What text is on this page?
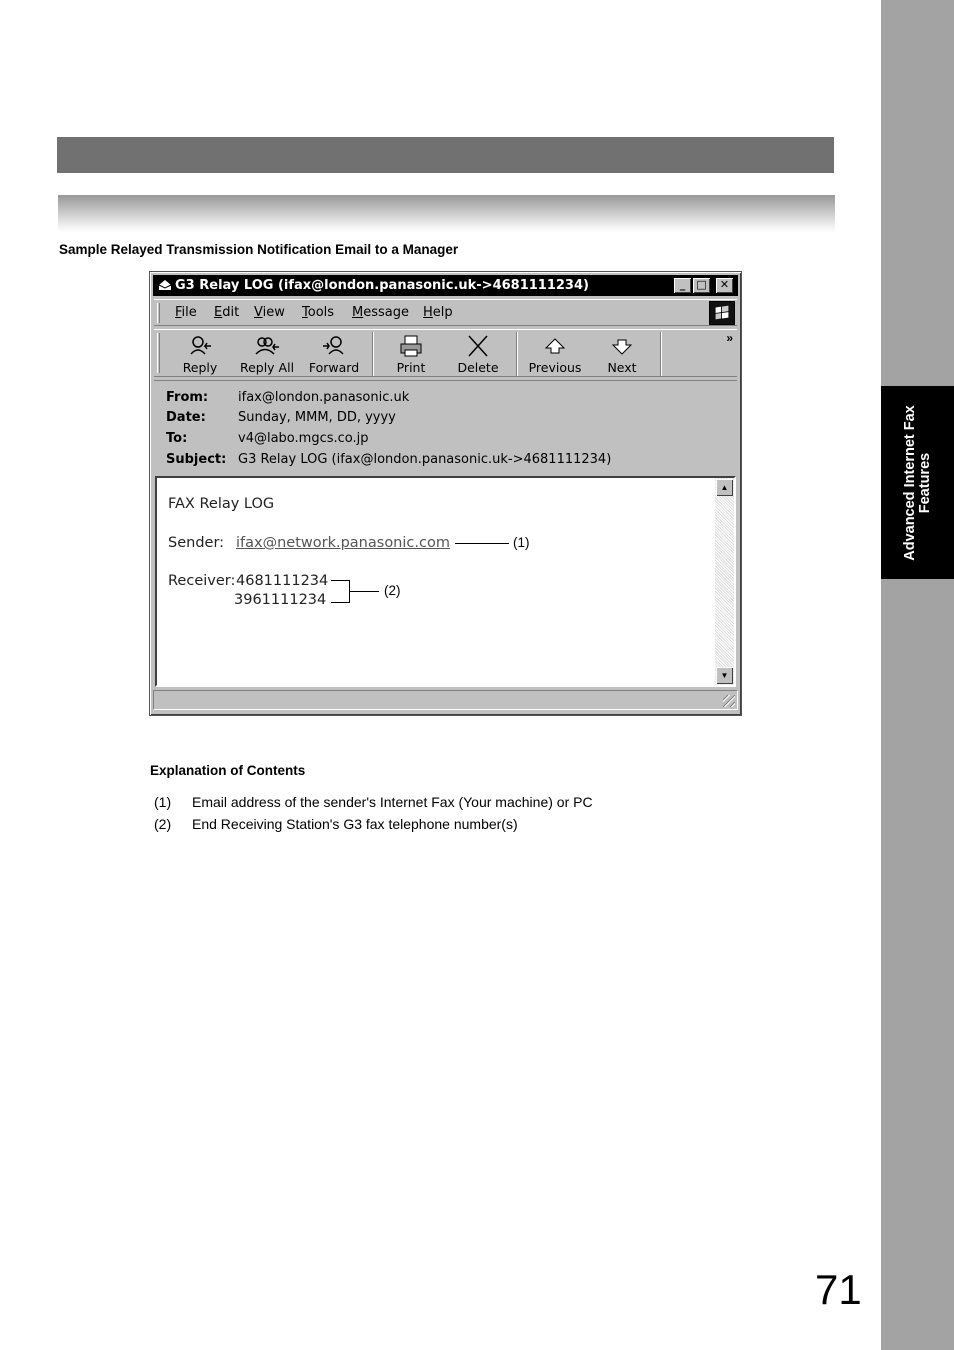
Advanced Internet Fax Features
Sample Relayed Transmission Notification Email to a Manager
G3 Relay LOG (ifax@london.panasonic.uk->4681111234)	_	□	✕
File Edit View Tools Message Help
Reply	Reply All	Forward	Print	Delete	Previous	Next
»
From: ifax@london.panasonic.uk
Date: Sunday, MMM, DD, yyyy
To:	v4@labo.mgcs.co.jp
Subject: G3 Relay LOG (ifax@london.panasonic.uk->4681111234)
FAX Relay LOG
Sender: ifax@network.panasonic.com
Receiver: 4681111234
3961111234
▲
▼
(1)
(2)
Explanation of Contents
(1) Email address of the sender's Internet Fax (Your machine) or PC
(2) End Receiving Station's G3 fax telephone number(s)
71
